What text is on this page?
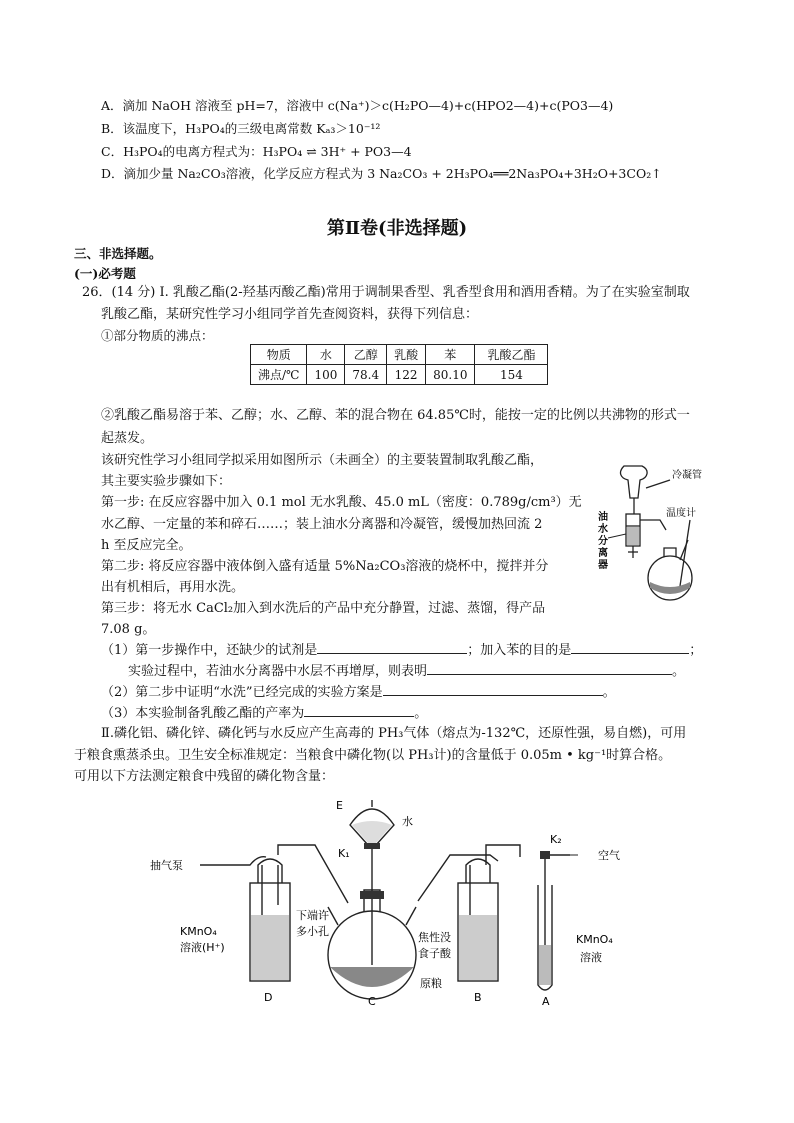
A．滴加 NaOH 溶液至 pH=7，溶液中 c(Na⁺)＞c(H₂PO—4)+c(HPO2—4)+c(PO3—4)
B．该温度下，H₃PO₄的三级电离常数 Kₐ₃＞10⁻¹²
C．H₃PO₄的电离方程式为：H₃PO₄ ⇌ 3H⁺ + PO3—4
D．滴加少量 Na₂CO₃溶液，化学反应方程式为 3 Na₂CO₃ + 2H₃PO₄══2Na₃PO₄+3H₂O+3CO₂↑
第Ⅱ卷(非选择题)
三、非选择题。
(一)必考题
26．(14 分) Ⅰ. 乳酸乙酯(2-羟基丙酸乙酯)常用于调制果香型、乳香型食用和酒用香精。为了在实验室制取
乳酸乙酯，某研究性学习小组同学首先查阅资料，获得下列信息：
①部分物质的沸点：
物质	水	乙醇	乳酸	苯	乳酸乙酯
沸点/℃	100	78.4	122	80.10	154
②乳酸乙酯易溶于苯、乙醇；水、乙醇、苯的混合物在 64.85℃时，能按一定的比例以共沸物的形式一
起蒸发。
该研究性学习小组同学拟采用如图所示（未画全）的主要装置制取乳酸乙酯，
其主要实验步骤如下：
第一步: 在反应容器中加入 0.1 mol 无水乳酸、45.0 mL（密度：0.789g/cm³）无
水乙醇、一定量的苯和碎石……；装上油水分离器和冷凝管，缓慢加热回流 2
h 至反应完全。
第二步: 将反应容器中液体倒入盛有适量 5%Na₂CO₃溶液的烧杯中，搅拌并分
出有机相后，再用水洗。
第三步：将无水 CaCl₂加入到水洗后的产品中充分静置，过滤、蒸馏，得产品
7.08 g。
冷凝管
温度计
油
水
分
离
器
（1）第一步操作中，还缺少的试剂是	；加入苯的目的是	；
实验过程中，若油水分离器中水层不再增厚，则表明	。
（2）第二步中证明“水洗”已经完成的实验方案是	。
（3）本实验制备乳酸乙酯的产率为	。
Ⅱ.磷化铝、磷化锌、磷化钙与水反应产生高毒的 PH₃气体（熔点为-132℃，还原性强，易自燃)，可用
于粮食熏蒸杀虫。卫生安全标准规定：当粮食中磷化物(以 PH₃计)的含量低于 0.05m • kg⁻¹时算合格。
可用以下方法测定粮食中残留的磷化物含量：
抽气泵
E
水
K₁
K₂
空气
KMnO₄
溶液(H⁺)
下端许
多小孔	焦性没
食子酸
原粮
KMnO₄
溶液
D	C	B	A
